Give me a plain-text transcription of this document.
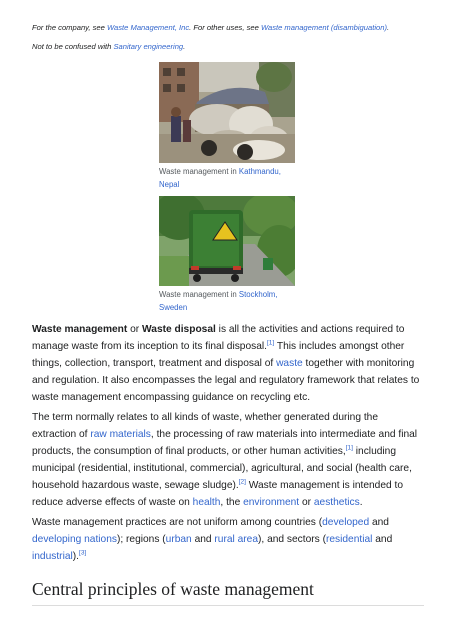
For the company, see Waste Management, Inc. For other uses, see Waste management (disambiguation).
Not to be confused with Sanitary engineering.
Waste management in Kathmandu, Nepal
Waste management in Stockholm, Sweden

Waste management or Waste disposal is all the activities and actions required to manage waste from its inception to its final disposal.[1] This includes amongst other things, collection, transport, treatment and disposal of waste together with monitoring and regulation. It also encompasses the legal and regulatory framework that relates to waste management encompassing guidance on recycling etc.

The term normally relates to all kinds of waste, whether generated during the extraction of raw materials, the processing of raw materials into intermediate and final products, the consumption of final products, or other human activities,[1] including municipal (residential, institutional, commercial), agricultural, and social (health care, household hazardous waste, sewage sludge).[2] Waste management is intended to reduce adverse effects of waste on health, the environment or aesthetics.

Waste management practices are not uniform among countries (developed and developing nations); regions (urban and rural area), and sectors (residential and industrial).[3]

Central principles of waste management
